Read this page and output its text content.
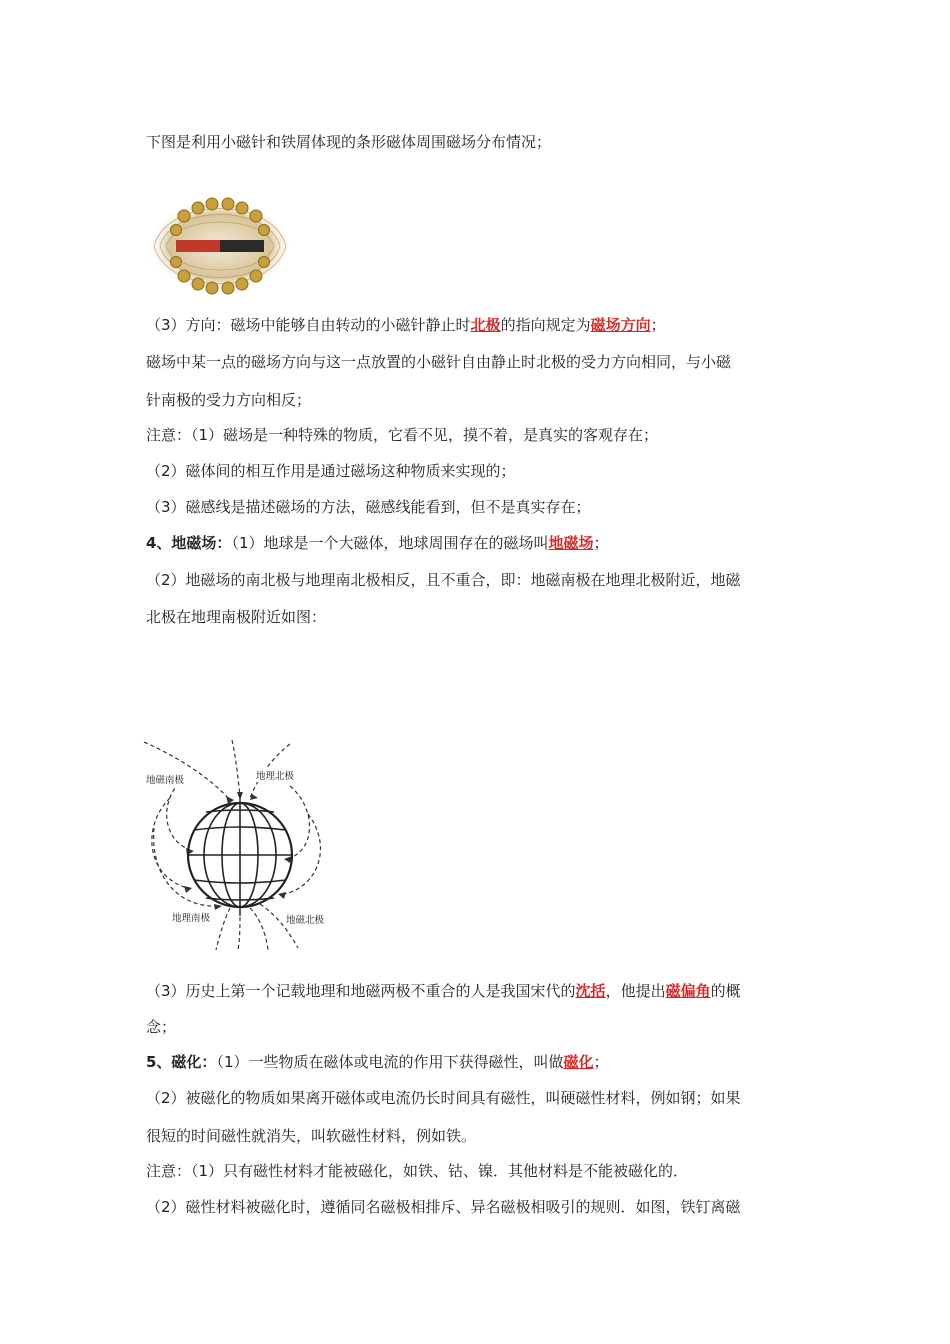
下图是利用小磁针和铁屑体现的条形磁体周围磁场分布情况；
（3）方向：磁场中能够自由转动的小磁针静止时北极的指向规定为磁场方向；
磁场中某一点的磁场方向与这一点放置的小磁针自由静止时北极的受力方向相同，与小磁
针南极的受力方向相反；
注意：（1）磁场是一种特殊的物质，它看不见，摸不着，是真实的客观存在；
（2）磁体间的相互作用是通过磁场这种物质来实现的；
（3）磁感线是描述磁场的方法，磁感线能看到，但不是真实存在；
4、地磁场：（1）地球是一个大磁体，地球周围存在的磁场叫地磁场；
（2）地磁场的南北极与地理南北极相反，且不重合，即：地磁南极在地理北极附近，地磁
北极在地理南极附近如图：
地磁南极	地理北极
地理南极	地磁北极
（3）历史上第一个记载地理和地磁两极不重合的人是我国宋代的沈括，他提出磁偏角的概
念；
5、磁化：（1）一些物质在磁体或电流的作用下获得磁性，叫做磁化；
（2）被磁化的物质如果离开磁体或电流仍长时间具有磁性，叫硬磁性材料，例如钢；如果
很短的时间磁性就消失，叫软磁性材料，例如铁。
注意：（1）只有磁性材料才能被磁化，如铁、钴、镍．其他材料是不能被磁化的．
（2）磁性材料被磁化时，遵循同名磁极相排斥、异名磁极相吸引的规则．如图，铁钉离磁
